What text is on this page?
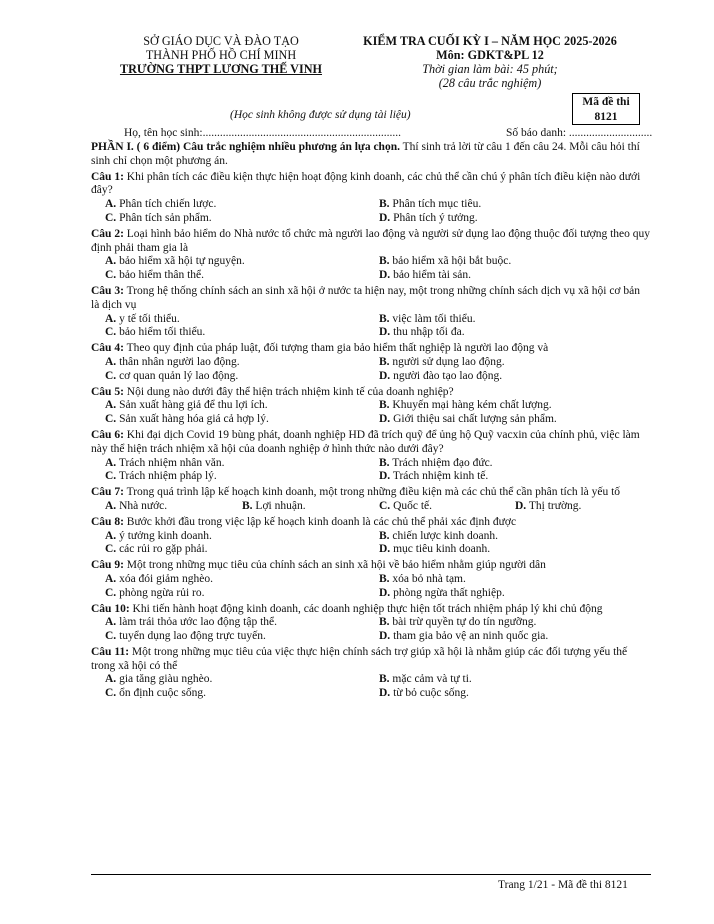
SỞ GIÁO DỤC VÀ ĐÀO TẠO
THÀNH PHỐ HỒ CHÍ MINH
TRƯỜNG THPT LƯƠNG THẾ VINH
KIỂM TRA CUỐI KỲ I – NĂM HỌC 2025-2026
Môn: GDKT&PL 12
Thời gian làm bài: 45 phút;
(28 câu trắc nghiệm)
Mã đề thi
8121
(Học sinh không được sử dụng tài liệu)
Họ, tên học sinh:.....................................................................	Số báo danh: .............................
PHẦN I. ( 6 điểm) Câu trắc nghiệm nhiều phương án lựa chọn. Thí sinh trả lời từ câu 1 đến câu 24. Mỗi câu hỏi thí sinh chỉ chọn một phương án.
Câu 1: Khi phân tích các điều kiện thực hiện hoạt động kinh doanh, các chủ thể cần chú ý phân tích điều kiện nào dưới đây?
A. Phân tích chiến lược.	B. Phân tích mục tiêu.
C. Phân tích sản phẩm.	D. Phân tích ý tưởng.
Câu 2: Loại hình bảo hiểm do Nhà nước tổ chức mà người lao động và người sử dụng lao động thuộc đối tượng theo quy định phải tham gia là
A. bảo hiểm xã hội tự nguyện.	B. bảo hiểm xã hội bắt buộc.
C. bảo hiểm thân thể.	D. bảo hiểm tài sản.
Câu 3: Trong hệ thống chính sách an sinh xã hội ở nước ta hiện nay, một trong những chính sách dịch vụ xã hội cơ bản là dịch vụ
A. y tế tối thiểu.	B. việc làm tối thiểu.
C. bảo hiểm tối thiểu.	D. thu nhập tối đa.
Câu 4: Theo quy định của pháp luật, đối tượng tham gia bảo hiểm thất nghiệp là người lao động và
A. thân nhân người lao động.	B. người sử dụng lao động.
C. cơ quan quản lý lao động.	D. người đào tạo lao động.
Câu 5: Nội dung nào dưới đây thể hiện trách nhiệm kinh tế của doanh nghiệp?
A. Sản xuất hàng giả để thu lợi ích.	B. Khuyến mại hàng kém chất lượng.
C. Sản xuất hàng hóa giá cả hợp lý.	D. Giới thiệu sai chất lượng sản phẩm.
Câu 6: Khi đại dịch Covid 19 bùng phát, doanh nghiệp HD đã trích quỹ để ủng hộ Quỹ vacxin của chính phủ, việc làm này thể hiện trách nhiệm xã hội của doanh nghiệp ở hình thức nào dưới đây?
A. Trách nhiệm nhân văn.	B. Trách nhiệm đạo đức.
C. Trách nhiệm pháp lý.	D. Trách nhiệm kinh tế.
Câu 7: Trong quá trình lập kế hoạch kinh doanh, một trong những điều kiện mà các chủ thể cần phân tích là yếu tố
A. Nhà nước.	B. Lợi nhuận.	C. Quốc tế.	D. Thị trường.
Câu 8: Bước khởi đầu trong việc lập kế hoạch kinh doanh là các chủ thể phải xác định được
A. ý tưởng kinh doanh.	B. chiến lược kinh doanh.
C. các rủi ro gặp phải.	D. mục tiêu kinh doanh.
Câu 9: Một trong những mục tiêu của chính sách an sinh xã hội về bảo hiểm nhằm giúp người dân
A. xóa đói giảm nghèo.	B. xóa bỏ nhà tạm.
C. phòng ngừa rủi ro.	D. phòng ngừa thất nghiệp.
Câu 10: Khi tiến hành hoạt động kinh doanh, các doanh nghiệp thực hiện tốt trách nhiệm pháp lý khi chủ động
A. làm trái thỏa ước lao động tập thể.	B. bài trừ quyền tự do tín ngưỡng.
C. tuyển dụng lao động trực tuyến.	D. tham gia bảo vệ an ninh quốc gia.
Câu 11: Một trong những mục tiêu của việc thực hiện chính sách trợ giúp xã hội là nhằm giúp các đối tượng yếu thế trong xã hội có thể
A. gia tăng giàu nghèo.	B. mặc cảm và tự ti.
C. ổn định cuộc sống.	D. từ bỏ cuộc sống.
Trang 1/21 - Mã đề thi 8121
